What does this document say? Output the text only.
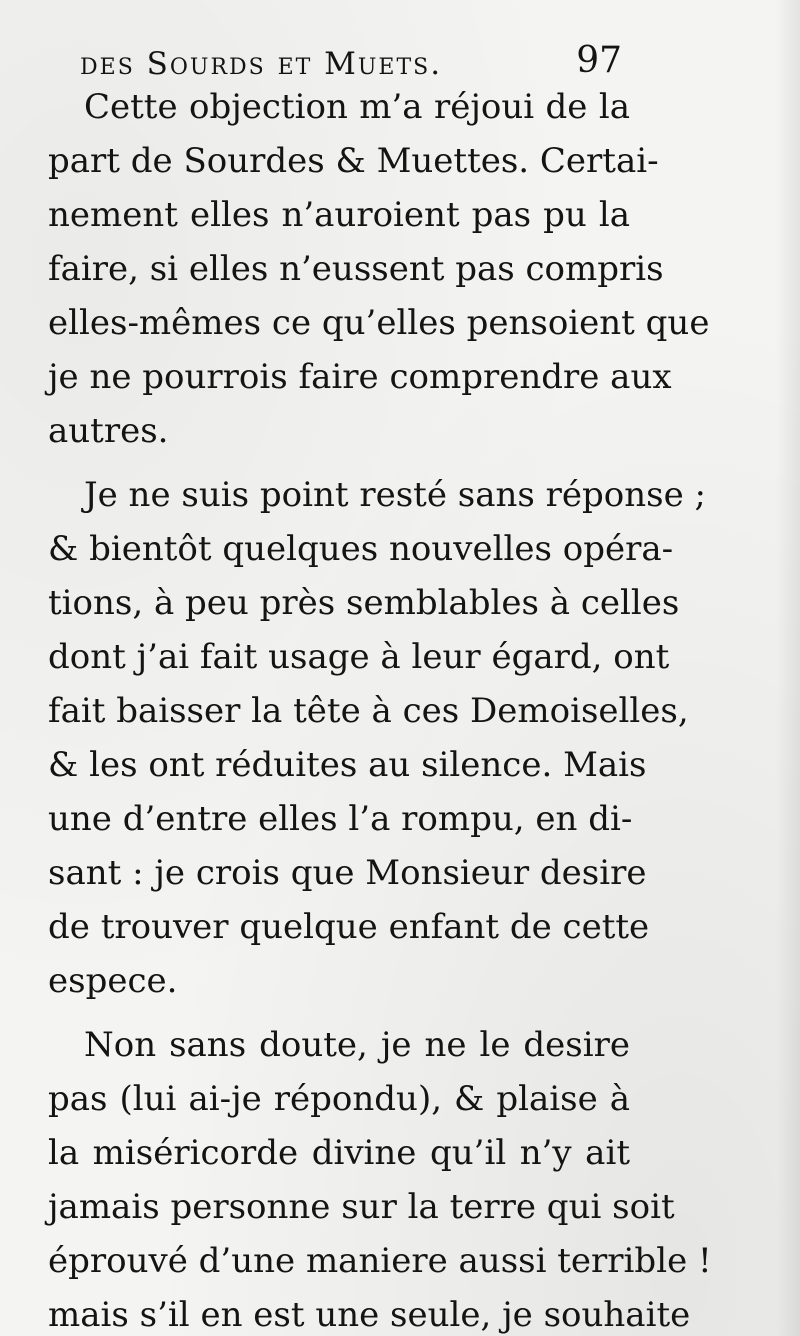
des Sourds et Muets.	97
Cette objection m’a réjoui de la
part de Sourdes & Muettes. Certai-
nement elles n’auroient pas pu la
faire, si elles n’eussent pas compris
elles-mêmes ce qu’elles pensoient que
je ne pourrois faire comprendre aux
autres.
Je ne suis point resté sans réponse ;
& bientôt quelques nouvelles opéra-
tions, à peu près semblables à celles
dont j’ai fait usage à leur égard, ont
fait baisser la tête à ces Demoiselles,
& les ont réduites au silence. Mais
une d’entre elles l’a rompu, en di-
sant : je crois que Monsieur desire
de trouver quelque enfant de cette
espece.
Non sans doute, je ne le desire
pas (lui ai-je répondu), & plaise à
la miséricorde divine qu’il n’y ait
jamais personne sur la terre qui soit
éprouvé d’une maniere aussi terrible !
mais s’il en est une seule, je souhaite
